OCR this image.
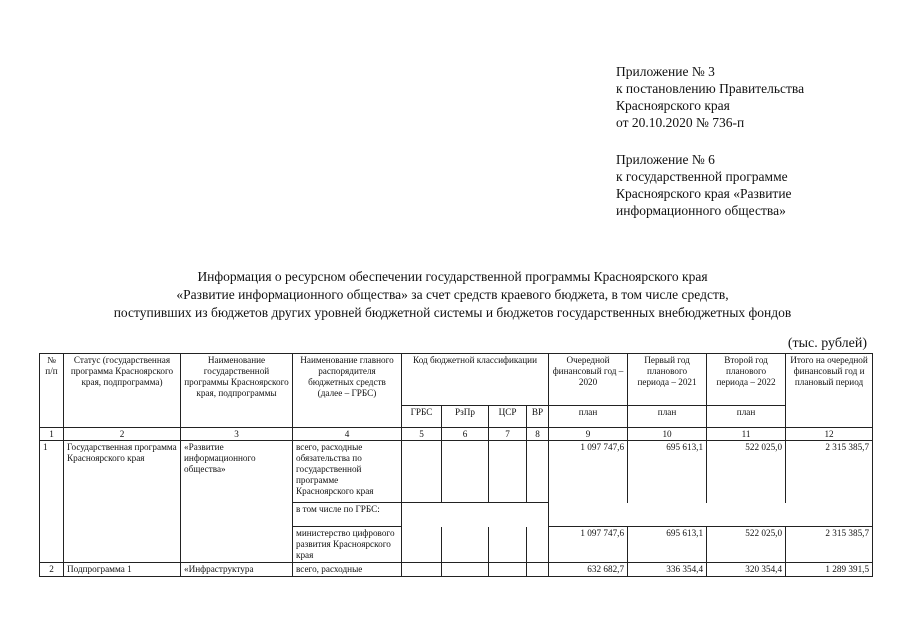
Приложение № 3
к постановлению Правительства
Красноярского края
от 20.10.2020 № 736-п
Приложение № 6
к государственной программе
Красноярского края «Развитие
информационного общества»
Информация о ресурсном обеспечении государственной программы Красноярского края
«Развитие информационного общества» за счет средств краевого бюджета, в том числе средств,
поступивших из бюджетов других уровней бюджетной системы и бюджетов государственных внебюджетных фондов
(тыс. рублей)
№ п/п	Статус (государственная программа Красноярского края, подпрограмма)	Наименование государственной программы Красноярского края, подпрограммы	Наименование главного распорядителя бюджетных средств (далее – ГРБС)	Код бюджетной классификации				Очередной финансовый год – 2020	Первый год планового периода – 2021	Второй год планового периода – 2022	Итого на очередной финансовый год и плановый период
				ГРБС	РзПр	ЦСР	ВР	план	план	план	
1	2	3	4	5	6	7	8	9	10	11	12
1	Государственная программа Красноярского края	«Развитие информационного общества»	всего, расходные обязательства по государственной программе Красноярского края					1 097 747,6	695 613,1	522 025,0	2 315 385,7
			в том числе по ГРБС:								
			министерство цифрового развития Красноярского края					1 097 747,6	695 613,1	522 025,0	2 315 385,7
2	Подпрограмма 1	«Инфраструктура	всего, расходные					632 682,7	336 354,4	320 354,4	1 289 391,5
